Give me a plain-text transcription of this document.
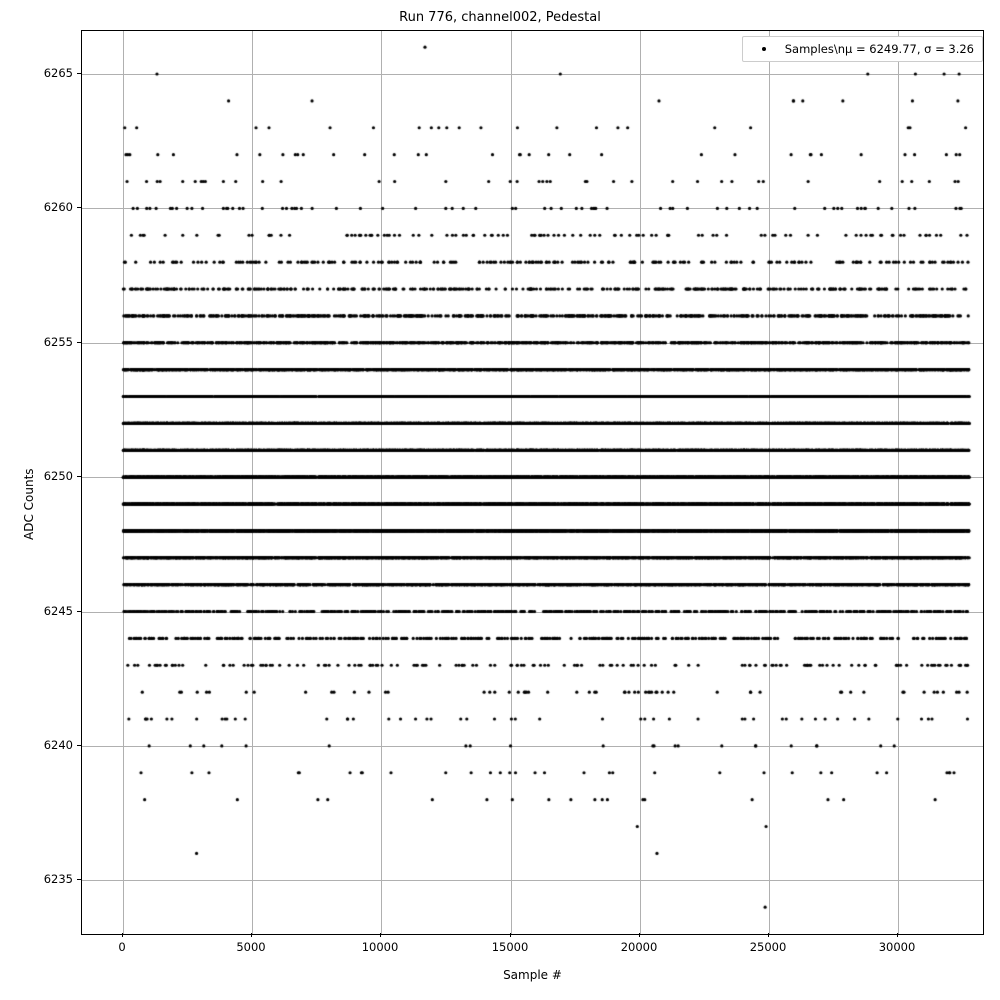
Run 776, channel002, Pedestal
0	5000	10000	15000	20000	25000	30000
6235
6240
6245
6250
6255
6260
6265
Sample #
ADC Counts
Samples\nμ = 6249.77, σ = 3.26
